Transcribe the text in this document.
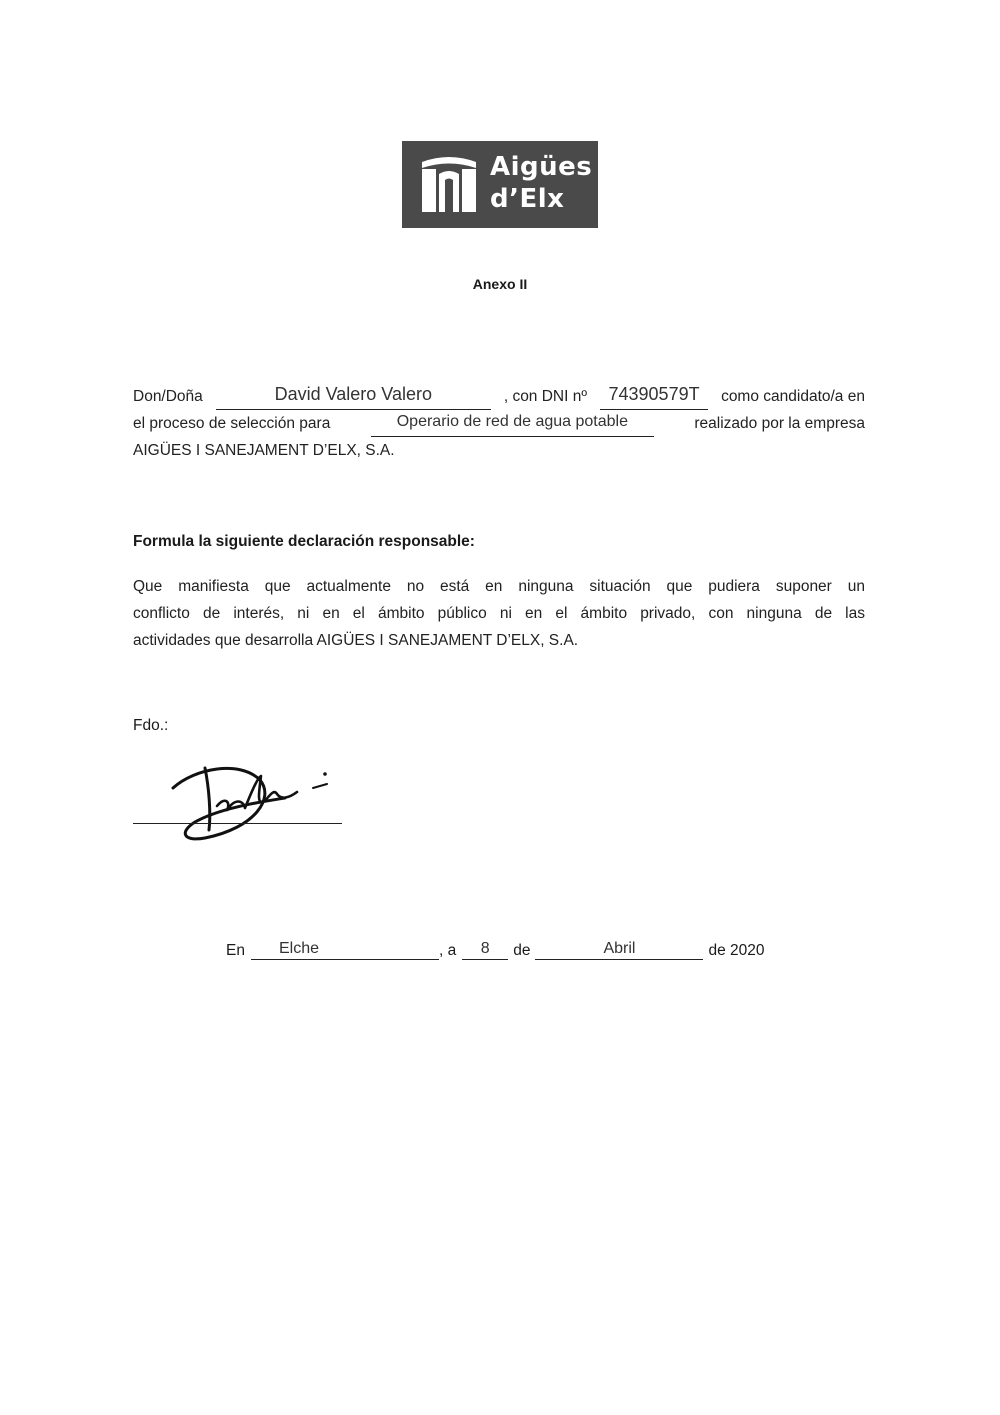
Aigües
d’Elx
Anexo II
Don/Doña	David Valero Valero	, con DNI nº	74390579T	como candidato/a en
el proceso de selección para	Operario de red de agua potable	realizado por la empresa
AIGÜES I SANEJAMENT D’ELX, S.A.
Formula la siguiente declaración responsable:
Que manifiesta que actualmente no está en ninguna situación que pudiera suponer un
conflicto de interés, ni en el ámbito público ni en el ámbito privado, con ninguna de las
actividades que desarrolla AIGÜES I SANEJAMENT D’ELX, S.A.
Fdo.:
En	Elche	, a	8	de	Abril	de 2020
